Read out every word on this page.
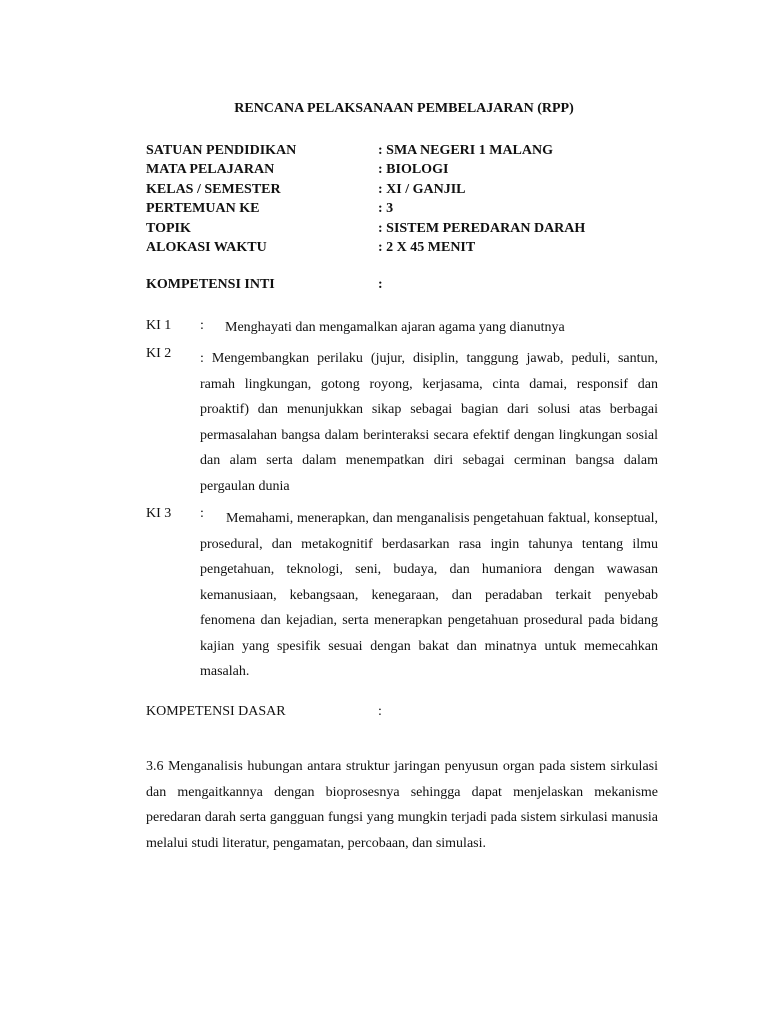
RENCANA PELAKSANAAN PEMBELAJARAN (RPP)
SATUAN PENDIDIKAN	: SMA NEGERI 1 MALANG
MATA PELAJARAN	: BIOLOGI
KELAS / SEMESTER	: XI / GANJIL
PERTEMUAN KE	: 3
TOPIK	: SISTEM PEREDARAN DARAH
ALOKASI WAKTU	: 2 X 45 MENIT
KOMPETENSI INTI	:
KI 1 : Menghayati dan mengamalkan ajaran agama yang dianutnya
KI 2 : Mengembangkan perilaku (jujur, disiplin, tanggung jawab, peduli, santun, ramah lingkungan, gotong royong, kerjasama, cinta damai, responsif dan proaktif) dan menunjukkan sikap sebagai bagian dari solusi atas berbagai permasalahan bangsa dalam berinteraksi secara efektif dengan lingkungan sosial dan alam serta dalam menempatkan diri sebagai cerminan bangsa dalam pergaulan dunia
KI 3 :	Memahami, menerapkan, dan menganalisis pengetahuan faktual, konseptual, prosedural, dan metakognitif berdasarkan rasa ingin tahunya tentang ilmu pengetahuan, teknologi, seni, budaya, dan humaniora dengan wawasan kemanusiaan, kebangsaan, kenegaraan, dan peradaban terkait penyebab fenomena dan kejadian, serta menerapkan pengetahuan prosedural pada bidang kajian yang spesifik sesuai dengan bakat dan minatnya untuk memecahkan masalah.
KOMPETENSI DASAR	:
3.6 Menganalisis hubungan antara struktur jaringan penyusun organ pada sistem sirkulasi dan mengaitkannya dengan bioprosesnya sehingga dapat menjelaskan mekanisme peredaran darah serta gangguan fungsi yang mungkin terjadi pada sistem sirkulasi manusia melalui studi literatur, pengamatan, percobaan, dan simulasi.
